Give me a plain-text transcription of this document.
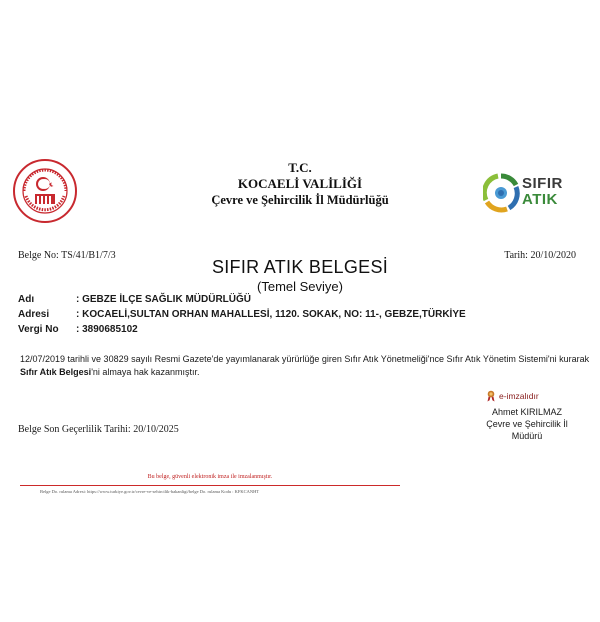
T.C.
KOCAELİ VALİLİĞİ
Çevre ve Şehircilik İl Müdürlüğü
SIFIR
ATIK
Belge No: TS/41/B1/7/3	Tarih: 20/10/2020
SIFIR ATIK BELGESİ
(Temel Seviye)
Adı	: GEBZE İLÇE SAĞLIK MÜDÜRLÜĞÜ
Adresi	: KOCAELİ,SULTAN ORHAN MAHALLESİ, 1120. SOKAK, NO: 11-, GEBZE,TÜRKİYE
Vergi No : 3890685102
12/07/2019 tarihli ve 30829 sayılı Resmi Gazete'de yayımlanarak yürürlüğe giren Sıfır Atık Yönetmeliği'nce Sıfır Atık Yönetim Sistemi'ni kurarak Sıfır Atık Belgesi'ni almaya hak kazanmıştır.
e-imzalıdır
Ahmet KIRILMAZ
Çevre ve Şehircilik İl
Müdürü
Belge Son Geçerlilik Tarihi: 20/10/2025
Bu belge, güvenli elektronik imza ile imzalanmıştır.
Belge Do. rulama Adresi: https://www.turkiye.gov.tr/cevre-ve-sehircilik-bakanligi/belge Do. rulama Kodu : KFKCANHT
